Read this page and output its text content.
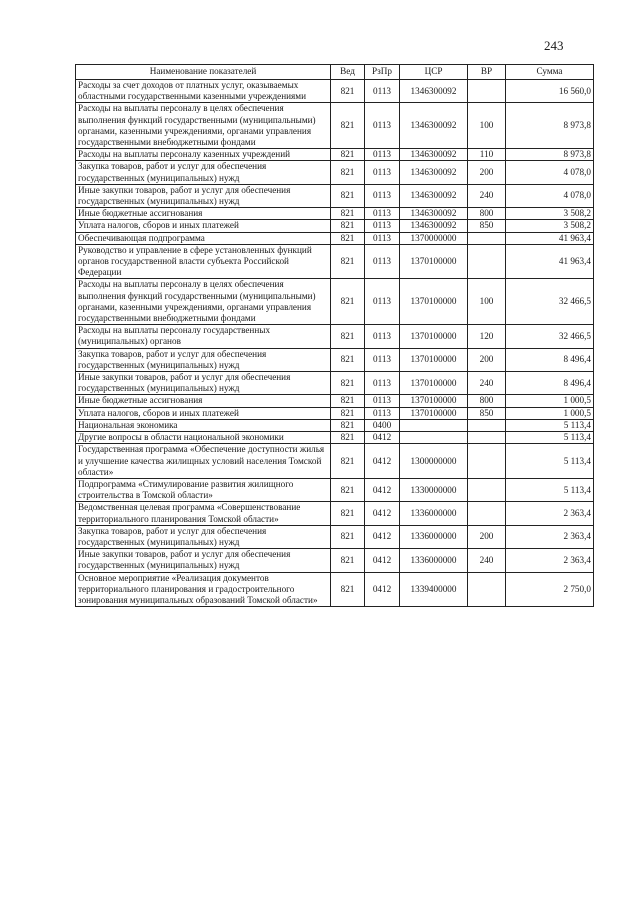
243
Наименование показателей	Вед	РзПр	ЦСР	ВР	Сумма
Расходы за счет доходов от платных услуг, оказываемых областными государственными казенными учреждениями	821	0113	1346300092		16 560,0
Расходы на выплаты персоналу в целях обеспечения выполнения функций государственными (муниципальными) органами, казенными учреждениями, органами управления государственными внебюджетными фондами	821	0113	1346300092	100	8 973,8
Расходы на выплаты персоналу казенных учреждений	821	0113	1346300092	110	8 973,8
Закупка товаров, работ и услуг для обеспечения государственных (муниципальных) нужд	821	0113	1346300092	200	4 078,0
Иные закупки товаров, работ и услуг для обеспечения государственных (муниципальных) нужд	821	0113	1346300092	240	4 078,0
Иные бюджетные ассигнования	821	0113	1346300092	800	3 508,2
Уплата налогов, сборов и иных платежей	821	0113	1346300092	850	3 508,2
Обеспечивающая подпрограмма	821	0113	1370000000		41 963,4
Руководство и управление в сфере установленных функций органов государственной власти субъекта Российской Федерации	821	0113	1370100000		41 963,4
Расходы на выплаты персоналу в целях обеспечения выполнения функций государственными (муниципальными) органами, казенными учреждениями, органами управления государственными внебюджетными фондами	821	0113	1370100000	100	32 466,5
Расходы на выплаты персоналу государственных (муниципальных) органов	821	0113	1370100000	120	32 466,5
Закупка товаров, работ и услуг для обеспечения государственных (муниципальных) нужд	821	0113	1370100000	200	8 496,4
Иные закупки товаров, работ и услуг для обеспечения государственных (муниципальных) нужд	821	0113	1370100000	240	8 496,4
Иные бюджетные ассигнования	821	0113	1370100000	800	1 000,5
Уплата налогов, сборов и иных платежей	821	0113	1370100000	850	1 000,5
Национальная экономика	821	0400			5 113,4
Другие вопросы в области национальной экономики	821	0412			5 113,4
Государственная программа «Обеспечение доступности жилья и улучшение качества жилищных условий населения Томской области»	821	0412	1300000000		5 113,4
Подпрограмма «Стимулирование развития жилищного строительства в Томской области»	821	0412	1330000000		5 113,4
Ведомственная целевая программа «Совершенствование территориального планирования Томской области»	821	0412	1336000000		2 363,4
Закупка товаров, работ и услуг для обеспечения государственных (муниципальных) нужд	821	0412	1336000000	200	2 363,4
Иные закупки товаров, работ и услуг для обеспечения государственных (муниципальных) нужд	821	0412	1336000000	240	2 363,4
Основное мероприятие «Реализация документов территориального планирования и градостроительного зонирования муниципальных образований Томской области»	821	0412	1339400000		2 750,0
